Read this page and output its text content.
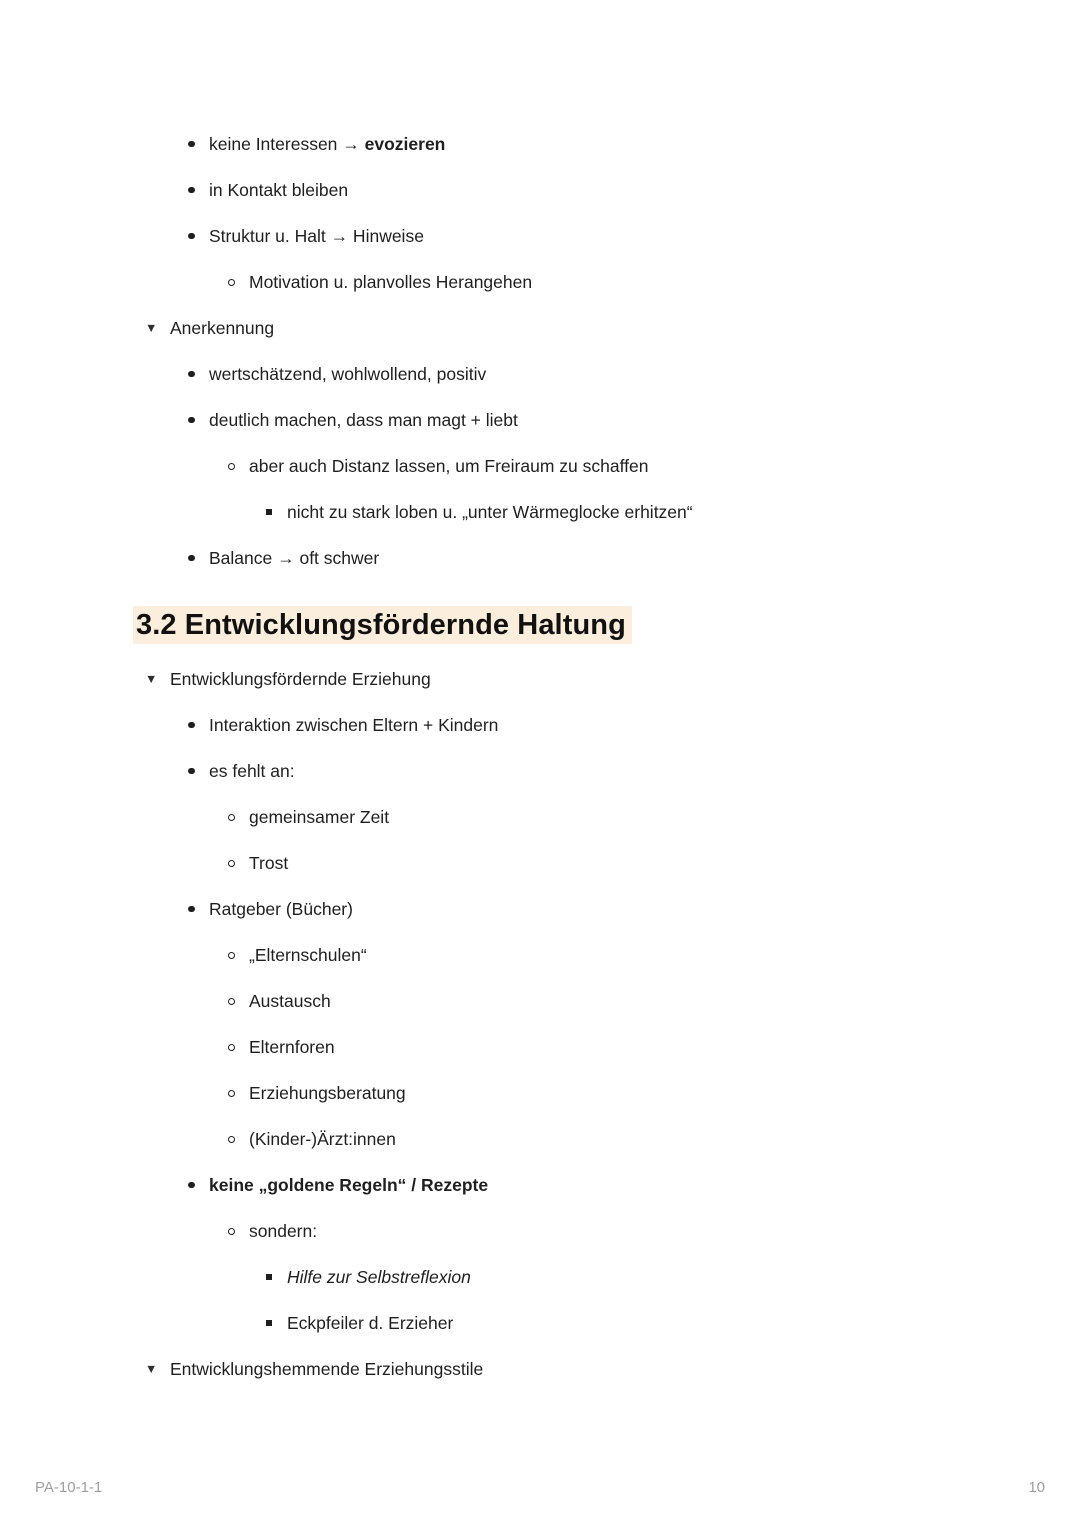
keine Interessen → evozieren
in Kontakt bleiben
Struktur u. Halt → Hinweise
Motivation u. planvolles Herangehen
▼ Anerkennung
wertschätzend, wohlwollend, positiv
deutlich machen, dass man magt + liebt
aber auch Distanz lassen, um Freiraum zu schaffen
nicht zu stark loben u. „unter Wärmeglocke erhitzen“
Balance → oft schwer
3.2 Entwicklungsfördernde Haltung
▼ Entwicklungsfördernde Erziehung
Interaktion zwischen Eltern + Kindern
es fehlt an:
gemeinsamer Zeit
Trost
Ratgeber (Bücher)
„Elternschulen“
Austausch
Elternforen
Erziehungsberatung
(Kinder-)Ärzt:innen
keine „goldene Regeln“ / Rezepte
sondern:
Hilfe zur Selbstreflexion
Eckpfeiler d. Erzieher
▼ Entwicklungshemmende Erziehungsstile
PA-10-1-1	10
